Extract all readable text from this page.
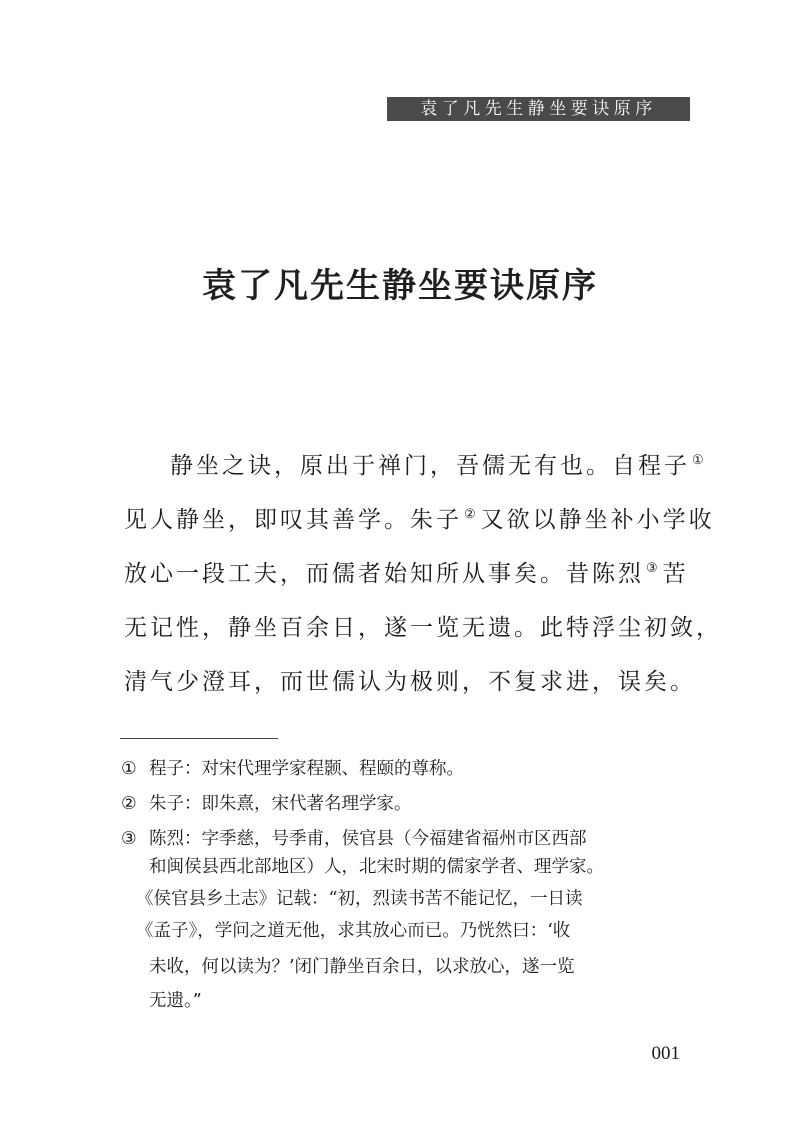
袁了凡先生静坐要诀原序
袁了凡先生静坐要诀原序
静坐之诀，原出于禅门，吾儒无有也。自程子 ①
见人静坐，即叹其善学。朱子 ②又欲以静坐补小学收
放心一段工夫，而儒者始知所从事矣。昔陈烈 ③苦
无记性，静坐百余日，遂一览无遗。此特浮尘初敛，
清气少澄耳，而世儒认为极则，不复求进，误矣。
① 程子：对宋代理学家程颢、程颐的尊称。
② 朱子：即朱熹，宋代著名理学家。
③ 陈烈：字季慈，号季甫，侯官县（今福建省福州市区西部
和闽侯县西北部地区）人，北宋时期的儒家学者、理学家。
《侯官县乡土志》记载：“初，烈读书苦不能记忆，一日读
《孟子》，学问之道无他，求其放心而已。乃恍然曰：‘收
未收，何以读为？’闭门静坐百余日，以求放心，遂一览
无遗。”
001
